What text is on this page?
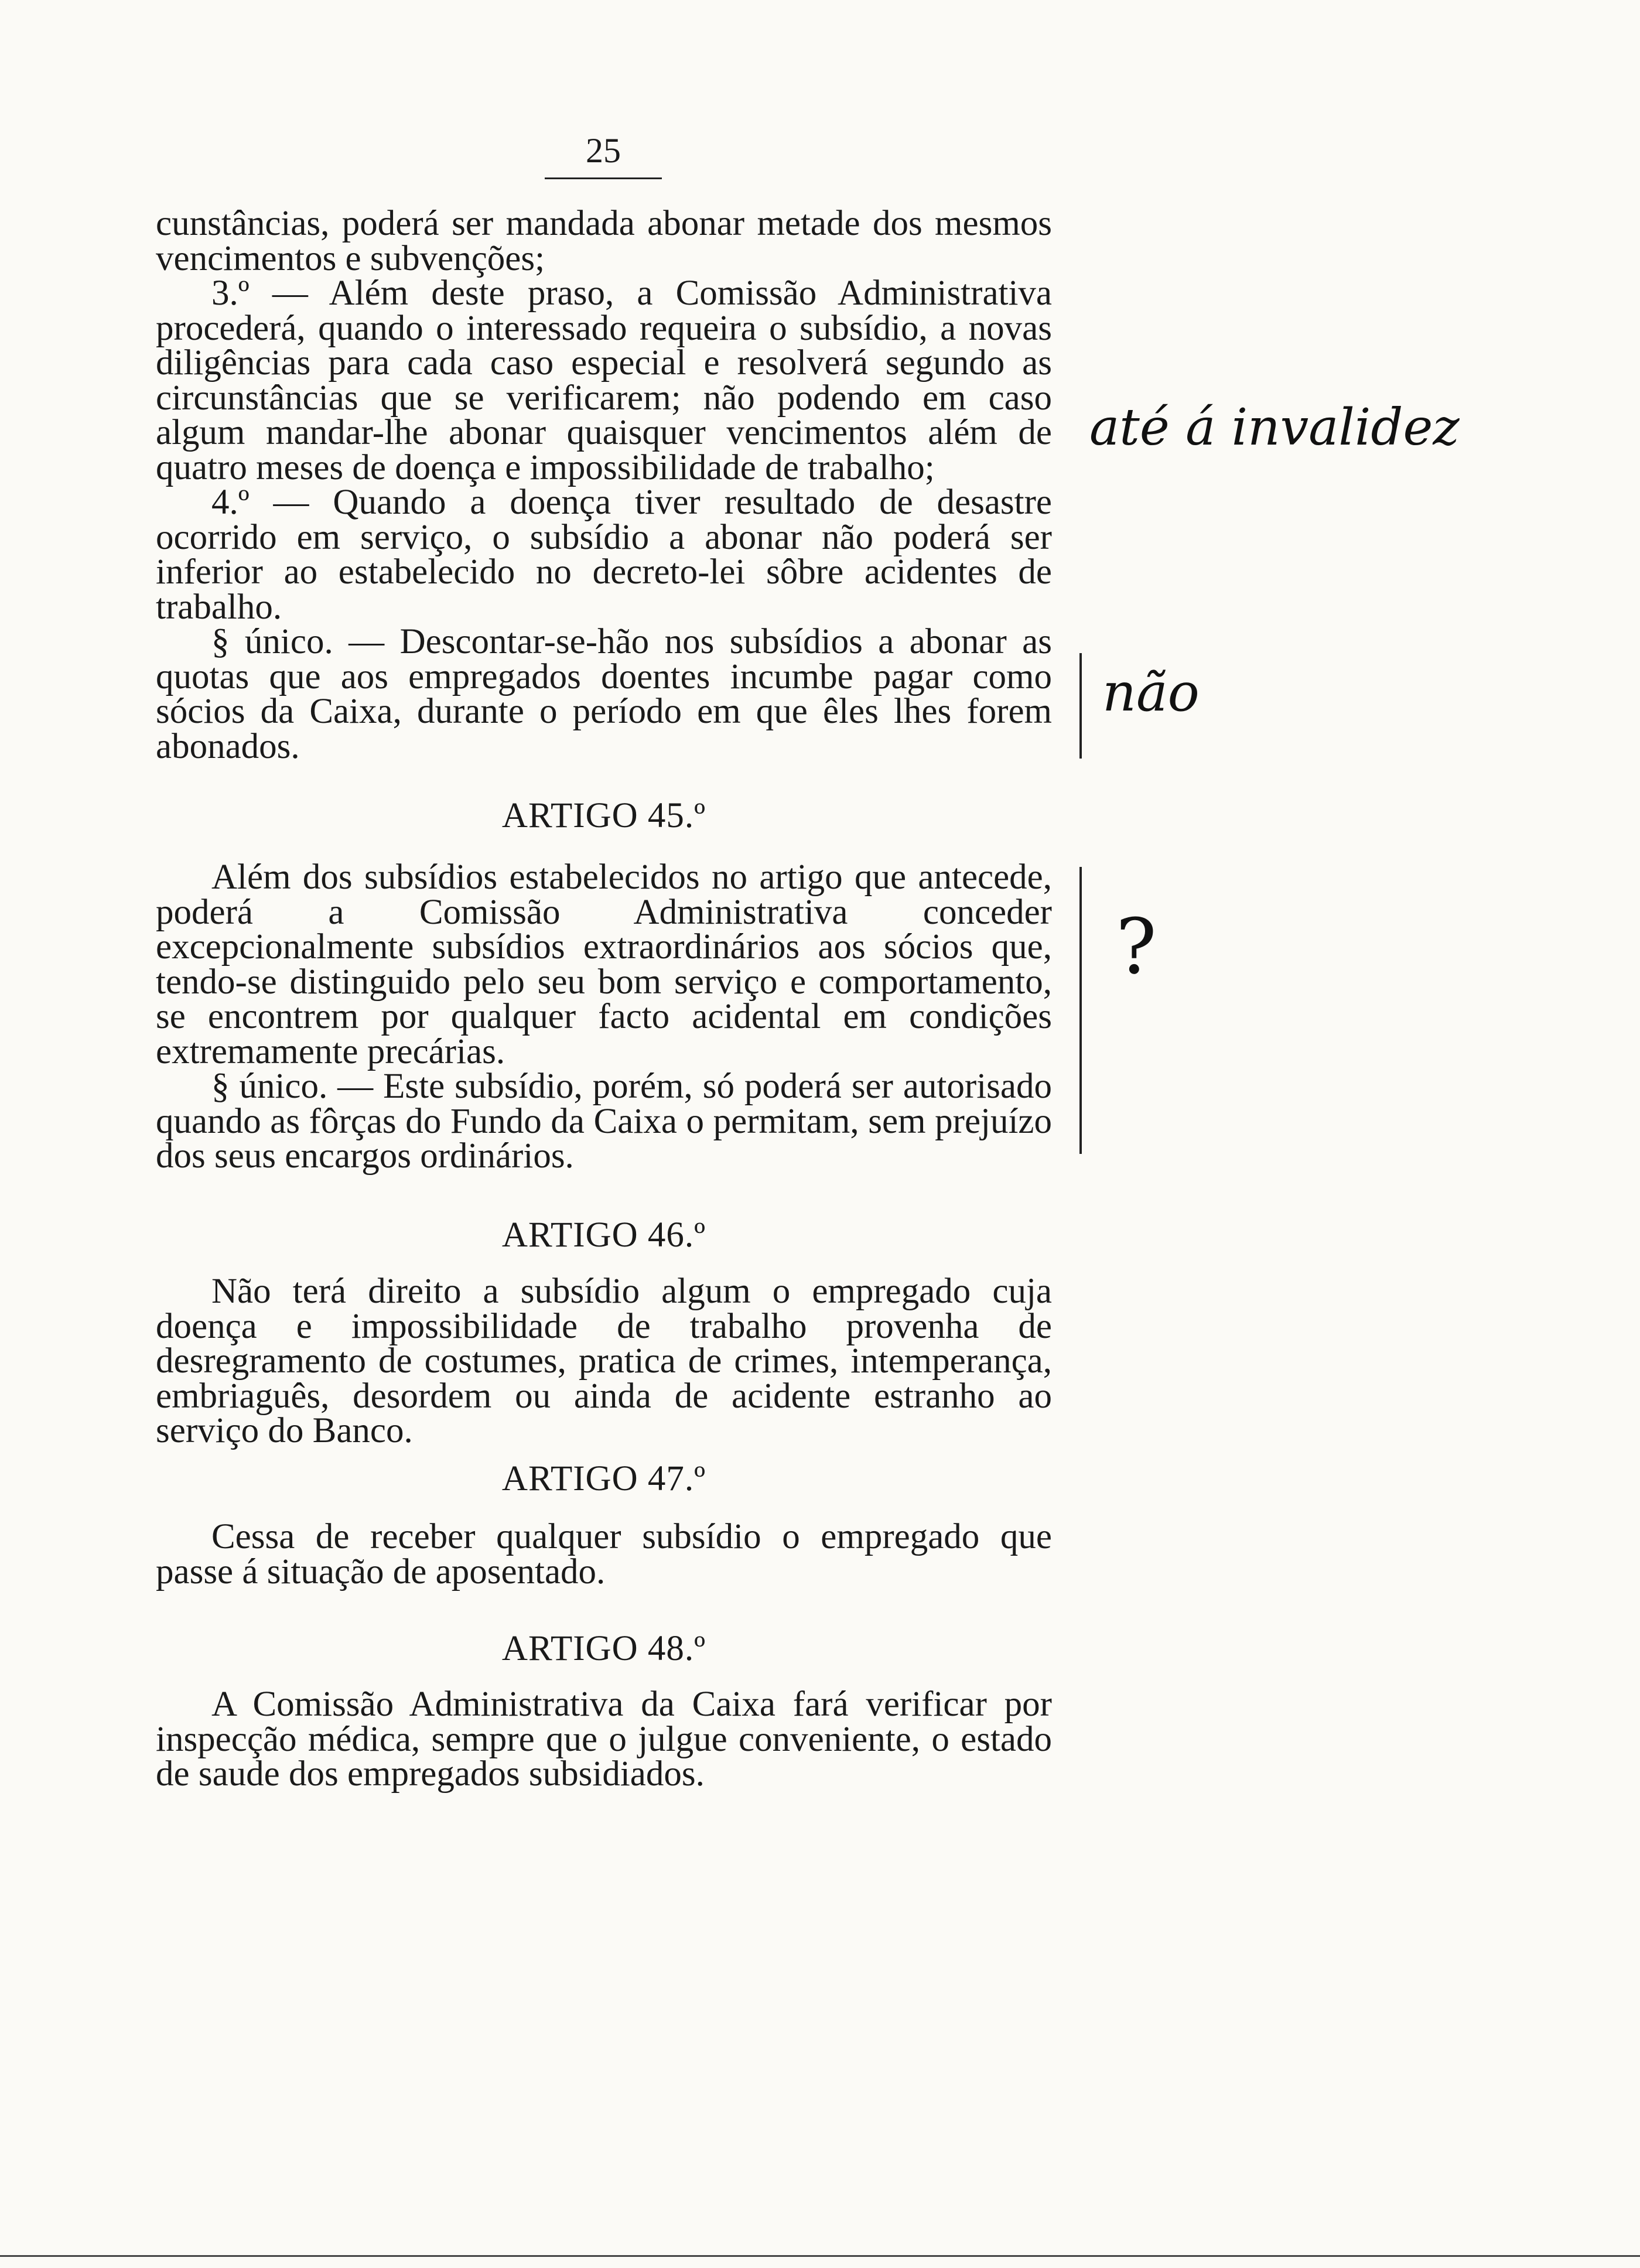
25

cunstâncias, poderá ser mandada abonar metade dos mesmos vencimentos e subvenções;

3.º — Além deste praso, a Comissão Administrativa procederá, quando o interessado requeira o subsídio, a novas diligências para cada caso especial e resolverá segundo as circunstâncias que se verificarem; não podendo em caso algum mandar-lhe abonar quaisquer vencimentos além de quatro meses de doença e impossibilidade de trabalho;

4.º — Quando a doença tiver resultado de desastre ocorrido em serviço, o subsídio a abonar não poderá ser inferior ao estabelecido no decreto-lei sôbre acidentes de trabalho.

§ único. — Descontar-se-hão nos subsídios a abonar as quotas que aos empregados doentes incumbe pagar como sócios da Caixa, durante o período em que êles lhes forem abonados.

ARTIGO 45.º

Além dos subsídios estabelecidos no artigo que antecede, poderá a Comissão Administrativa conceder excepcionalmente subsídios extraordinários aos sócios que, tendo-se distinguido pelo seu bom serviço e comportamento, se encontrem por qualquer facto acidental em condições extremamente precárias.

§ único. — Este subsídio, porém, só poderá ser autorisado quando as fôrças do Fundo da Caixa o permitam, sem prejuízo dos seus encargos ordinários.

ARTIGO 46.º

Não terá direito a subsídio algum o empregado cuja doença e impossibilidade de trabalho provenha de desregramento de costumes, pratica de crimes, intemperança, embriaguês, desordem ou ainda de acidente estranho ao serviço do Banco.

ARTIGO 47.º

Cessa de receber qualquer subsídio o empregado que passe á situação de aposentado.

ARTIGO 48.º

A Comissão Administrativa da Caixa fará verificar por inspecção médica, sempre que o julgue conveniente, o estado de saude dos empregados subsidiados.

até á invalidez
não
?
